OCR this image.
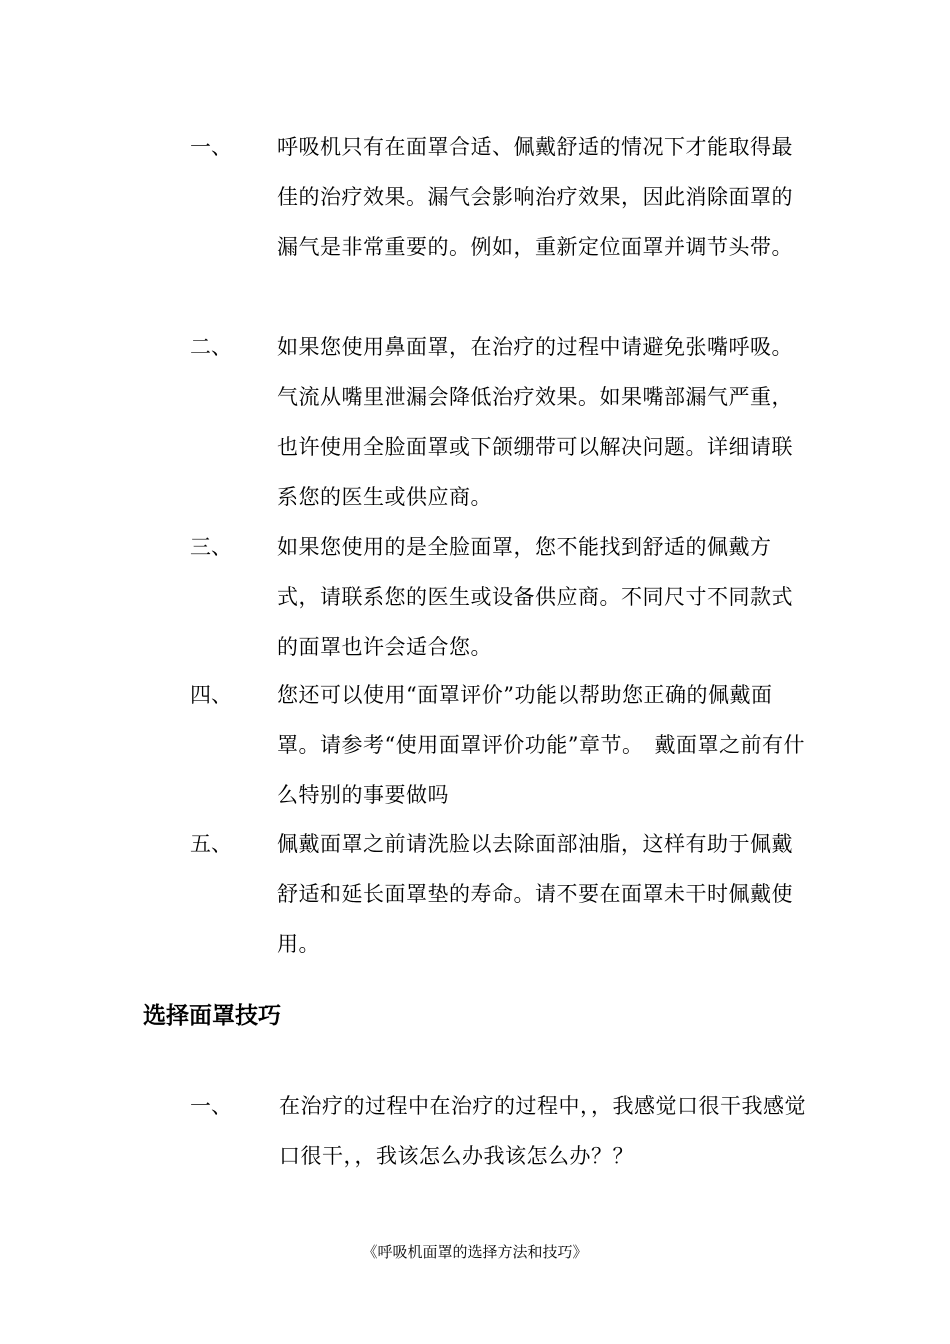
一、 呼吸机只有在面罩合适、佩戴舒适的情况下才能取得最佳的治疗效果。漏气会影响治疗效果，因此消除面罩的漏气是非常重要的。例如，重新定位面罩并调节头带。
二、 如果您使用鼻面罩，在治疗的过程中请避免张嘴呼吸。气流从嘴里泄漏会降低治疗效果。如果嘴部漏气严重，也许使用全脸面罩或下颌绷带可以解决问题。详细请联系您的医生或供应商。
三、 如果您使用的是全脸面罩，您不能找到舒适的佩戴方式，请联系您的医生或设备供应商。不同尺寸不同款式的面罩也许会适合您。
四、 您还可以使用“面罩评价”功能以帮助您正确的佩戴面罩。请参考“使用面罩评价功能”章节。　戴面罩之前有什么特别的事要做吗
五、 佩戴面罩之前请洗脸以去除面部油脂，这样有助于佩戴舒适和延长面罩垫的寿命。请不要在面罩未干时佩戴使用。
选择面罩技巧
一、 在治疗的过程中在治疗的过程中，，我感觉口很干我感觉口很干，，我该怎么办我该怎么办？？
《呼吸机面罩的选择方法和技巧》
